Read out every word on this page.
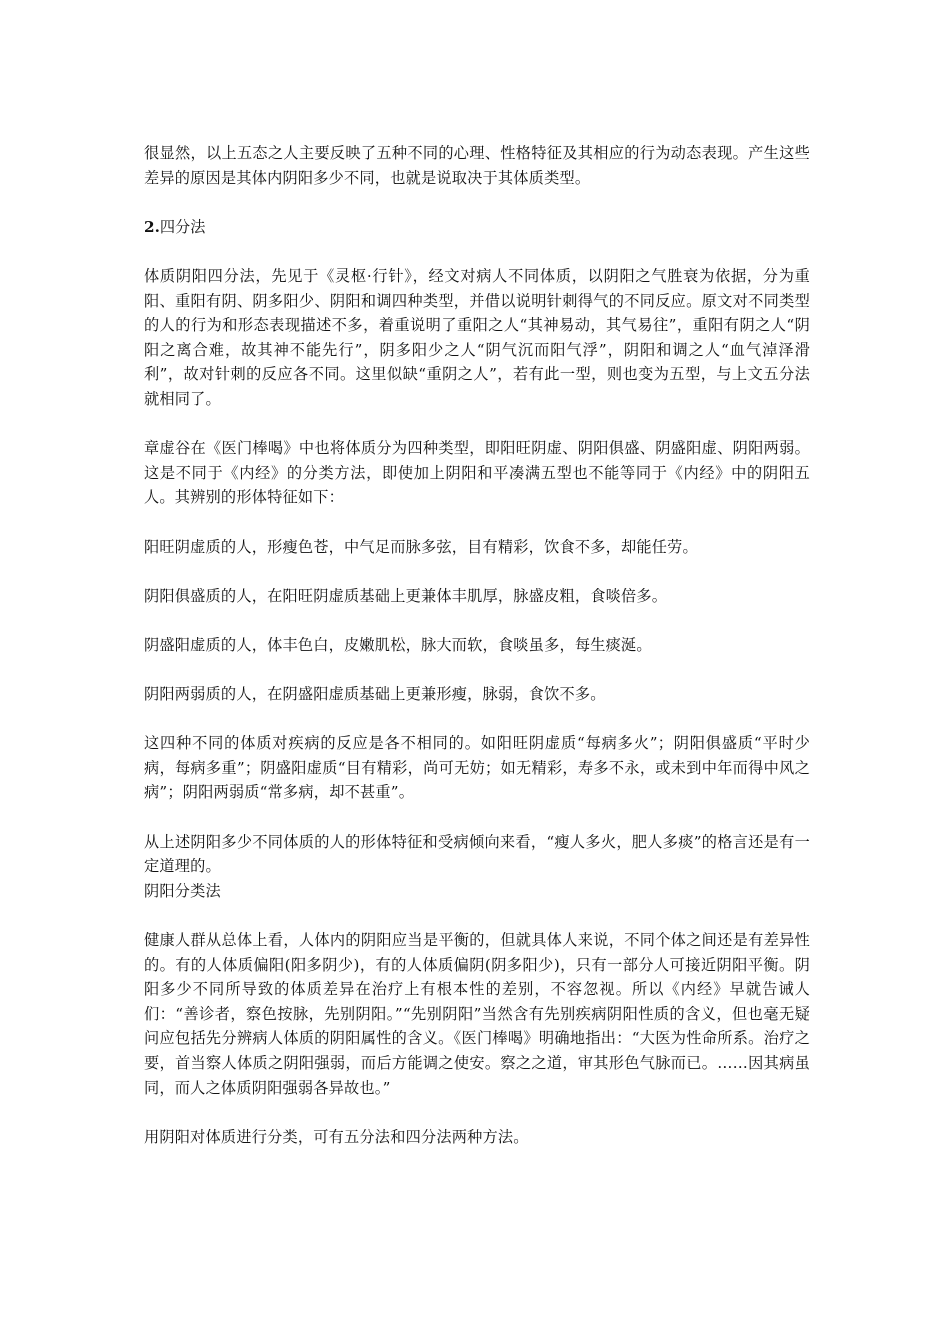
很显然，以上五态之人主要反映了五种不同的心理、性格特征及其相应的行为动态表现。产生这些差异的原因是其体内阴阳多少不同，也就是说取决于其体质类型。

2.四分法

体质阴阳四分法，先见于《灵枢·行针》，经文对病人不同体质，以阴阳之气胜衰为依据，分为重阳、重阳有阴、阴多阳少、阴阳和调四种类型，并借以说明针刺得气的不同反应。原文对不同类型的人的行为和形态表现描述不多，着重说明了重阳之人“其神易动，其气易往”，重阳有阴之人“阴阳之离合难，故其神不能先行”，阴多阳少之人“阴气沉而阳气浮”，阴阳和调之人“血气淖泽滑利”，故对针刺的反应各不同。这里似缺“重阴之人”，若有此一型，则也变为五型，与上文五分法就相同了。

章虚谷在《医门棒喝》中也将体质分为四种类型，即阳旺阴虚、阴阳俱盛、阴盛阳虚、阴阳两弱。这是不同于《内经》的分类方法，即使加上阴阳和平凑满五型也不能等同于《内经》中的阴阳五人。其辨别的形体特征如下：

阳旺阴虚质的人，形瘦色苍，中气足而脉多弦，目有精彩，饮食不多，却能任劳。

阴阳俱盛质的人，在阳旺阴虚质基础上更兼体丰肌厚，脉盛皮粗，食啖倍多。

阴盛阳虚质的人，体丰色白，皮嫩肌松，脉大而软，食啖虽多，每生痰涎。

阴阳两弱质的人，在阴盛阳虚质基础上更兼形瘦，脉弱，食饮不多。

这四种不同的体质对疾病的反应是各不相同的。如阳旺阴虚质“每病多火”；阴阳俱盛质“平时少病，每病多重”；阴盛阳虚质“目有精彩，尚可无妨；如无精彩，寿多不永，或未到中年而得中风之病”；阴阳两弱质“常多病，却不甚重”。

从上述阴阳多少不同体质的人的形体特征和受病倾向来看，“瘦人多火，肥人多痰”的格言还是有一定道理的。

阴阳分类法

健康人群从总体上看，人体内的阴阳应当是平衡的，但就具体人来说，不同个体之间还是有差异性的。有的人体质偏阳(阳多阴少)，有的人体质偏阴(阴多阳少)，只有一部分人可接近阴阳平衡。阴阳多少不同所导致的体质差异在治疗上有根本性的差别，不容忽视。所以《内经》早就告诫人们：“善诊者，察色按脉，先别阴阳。”“先别阴阳”当然含有先别疾病阴阳性质的含义，但也毫无疑问应包括先分辨病人体质的阴阳属性的含义。《医门棒喝》明确地指出：“大医为性命所系。治疗之要，首当察人体质之阴阳强弱，而后方能调之使安。察之之道，审其形色气脉而已。……因其病虽同，而人之体质阴阳强弱各异故也。”

用阴阳对体质进行分类，可有五分法和四分法两种方法。
